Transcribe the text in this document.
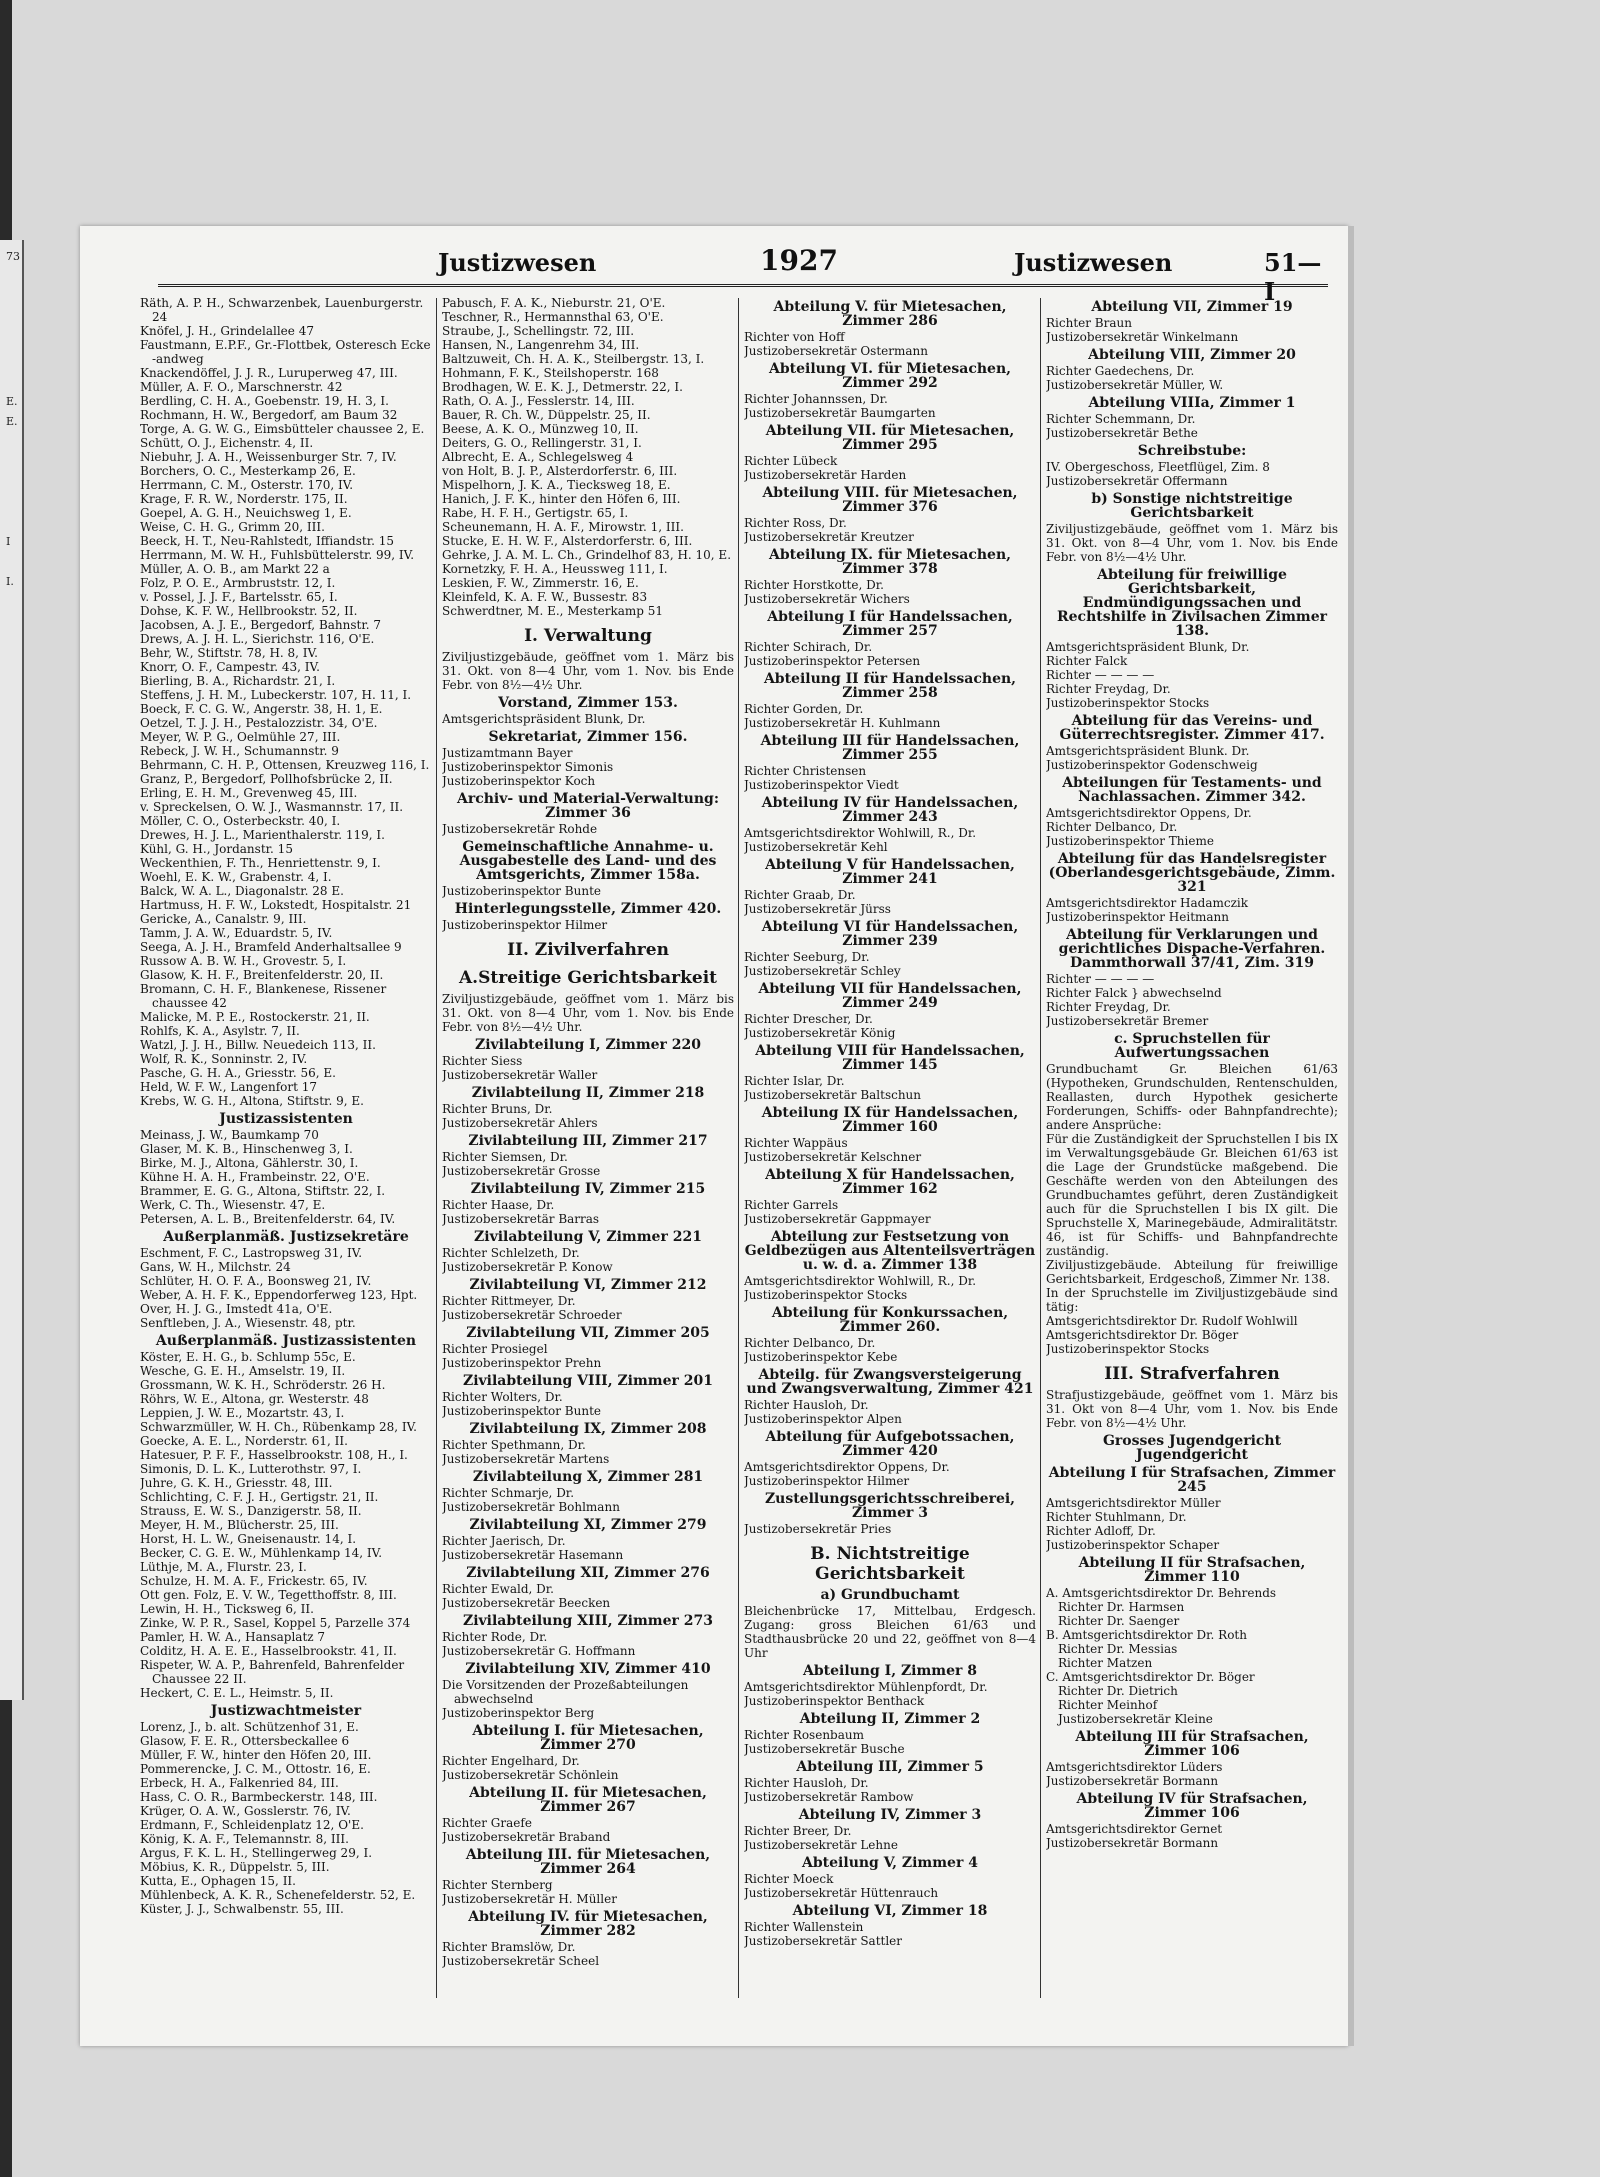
73
E.
E.
I
I.
Justizwesen	1927	Justizwesen	51—I

Räth, A. P. H., Schwarzenbek, Lauenburgerstr. 24

Knöfel, J. H., Grindelallee 47

Faustmann, E.P.F., Gr.-Flottbek, Osteresch Ecke -andweg

Knackendöffel, J. J. R., Luruperweg 47, III.

Müller, A. F. O., Marschnerstr. 42

Berdling, C. H. A., Goebenstr. 19, H. 3, I.

Rochmann, H. W., Bergedorf, am Baum 32

Torge, A. G. W. G., Eimsbütteler chaussee 2, E.

Schütt, O. J., Eichenstr. 4, II.

Niebuhr, J. A. H., Weissenburger Str. 7, IV.

Borchers, O. C., Mesterkamp 26, E.

Herrmann, C. M., Osterstr. 170, IV.

Krage, F. R. W., Norderstr. 175, II.

Goepel, A. G. H., Neuichsweg 1, E.

Weise, C. H. G., Grimm 20, III.

Beeck, H. T., Neu-Rahlstedt, Iffiandstr. 15

Herrmann, M. W. H., Fuhlsbüttelerstr. 99, IV.

Müller, A. O. B., am Markt 22 a

Folz, P. O. E., Armbruststr. 12, I.

v. Possel, J. J. F., Bartelsstr. 65, I.

Dohse, K. F. W., Hellbrookstr. 52, II.

Jacobsen, A. J. E., Bergedorf, Bahnstr. 7

Drews, A. J. H. L., Sierichstr. 116, O'E.

Behr, W., Stiftstr. 78, H. 8, IV.

Knorr, O. F., Campestr. 43, IV.

Bierling, B. A., Richardstr. 21, I.

Steffens, J. H. M., Lubeckerstr. 107, H. 11, I.

Boeck, F. C. G. W., Angerstr. 38, H. 1, E.

Oetzel, T. J. J. H., Pestalozzistr. 34, O'E.

Meyer, W. P. G., Oelmühle 27, III.

Rebeck, J. W. H., Schumannstr. 9

Behrmann, C. H. P., Ottensen, Kreuzweg 116, I.

Granz, P., Bergedorf, Pollhofsbrücke 2, II.

Erling, E. H. M., Grevenweg 45, III.

v. Spreckelsen, O. W. J., Wasmannstr. 17, II.

Möller, C. O., Osterbeckstr. 40, I.

Drewes, H. J. L., Marienthalerstr. 119, I.

Kühl, G. H., Jordanstr. 15

Weckenthien, F. Th., Henriettenstr. 9, I.

Woehl, E. K. W., Grabenstr. 4, I.

Balck, W. A. L., Diagonalstr. 28 E.

Hartmuss, H. F. W., Lokstedt, Hospitalstr. 21

Gericke, A., Canalstr. 9, III.

Tamm, J. A. W., Eduardstr. 5, IV.

Seega, A. J. H., Bramfeld Anderhaltsallee 9

Russow A. B. W. H., Grovestr. 5, I.

Glasow, K. H. F., Breitenfelderstr. 20, II.

Bromann, C. H. F., Blankenese, Rissener chaussee 42

Malicke, M. P. E., Rostockerstr. 21, II.

Rohlfs, K. A., Asylstr. 7, II.

Watzl, J. J. H., Billw. Neuedeich 113, II.

Wolf, R. K., Sonninstr. 2, IV.

Pasche, G. H. A., Griesstr. 56, E.

Held, W. F. W., Langenfort 17

Krebs, W. G. H., Altona, Stiftstr. 9, E.

Justizassistenten

Meinass, J. W., Baumkamp 70

Glaser, M. K. B., Hinschenweg 3, I.

Birke, M. J., Altona, Gählerstr. 30, I.

Kühne H. A. H., Frambeinstr. 22, O'E.

Brammer, E. G. G., Altona, Stiftstr. 22, I.

Werk, C. Th., Wiesenstr. 47, E.

Petersen, A. L. B., Breitenfelderstr. 64, IV.

Außerplanmäß. Justizsekretäre

Eschment, F. C., Lastropsweg 31, IV.

Gans, W. H., Milchstr. 24

Schlüter, H. O. F. A., Boonsweg 21, IV.

Weber, A. H. F. K., Eppendorferweg 123, Hpt.

Over, H. J. G., Imstedt 41a, O'E.

Senftleben, J. A., Wiesenstr. 48, ptr.

Außerplanmäß. Justizassistenten

Köster, E. H. G., b. Schlump 55c, E.

Wesche, G. E. H., Amselstr. 19, II.

Grossmann, W. K. H., Schröderstr. 26 H.

Röhrs, W. E., Altona, gr. Westerstr. 48

Leppien, J. W. E., Mozartstr. 43, I.

Schwarzmüller, W. H. Ch., Rübenkamp 28, IV.

Goecke, A. E. L., Norderstr. 61, II.

Hatesuer, P. F. F., Hasselbrookstr. 108, H., I.

Simonis, D. L. K., Lutterothstr. 97, I.

Juhre, G. K. H., Griesstr. 48, III.

Schlichting, C. F. J. H., Gertigstr. 21, II.

Strauss, E. W. S., Danzigerstr. 58, II.

Meyer, H. M., Blücherstr. 25, III.

Horst, H. L. W., Gneisenaustr. 14, I.

Becker, C. G. E. W., Mühlenkamp 14, IV.

Lüthje, M. A., Flurstr. 23, I.

Schulze, H. M. A. F., Frickestr. 65, IV.

Ott gen. Folz, E. V. W., Tegetthoffstr. 8, III.

Lewin, H. H., Ticksweg 6, II.

Zinke, W. P. R., Sasel, Koppel 5, Parzelle 374

Pamler, H. W. A., Hansaplatz 7

Colditz, H. A. E. E., Hasselbrookstr. 41, II.

Rispeter, W. A. P., Bahrenfeld, Bahrenfelder Chaussee 22 II.

Heckert, C. E. L., Heimstr. 5, II.

Justizwachtmeister

Lorenz, J., b. alt. Schützenhof 31, E.

Glasow, F. E. R., Ottersbeckallee 6

Müller, F. W., hinter den Höfen 20, III.

Pommerencke, J. C. M., Ottostr. 16, E.

Erbeck, H. A., Falkenried 84, III.

Hass, C. O. R., Barmbeckerstr. 148, III.

Krüger, O. A. W., Gosslerstr. 76, IV.

Erdmann, F., Schleidenplatz 12, O'E.

König, K. A. F., Telemannstr. 8, III.

Argus, F. K. L. H., Stellingerweg 29, I.

Möbius, K. R., Düppelstr. 5, III.

Kutta, E., Ophagen 15, II.

Mühlenbeck, A. K. R., Schenefelderstr. 52, E.

Küster, J. J., Schwalbenstr. 55, III.

Pabusch, F. A. K., Nieburstr. 21, O'E.

Teschner, R., Hermannsthal 63, O'E.

Straube, J., Schellingstr. 72, III.

Hansen, N., Langenrehm 34, III.

Baltzuweit, Ch. H. A. K., Steilbergstr. 13, I.

Hohmann, F. K., Steilshoperstr. 168

Brodhagen, W. E. K. J., Detmerstr. 22, I.

Rath, O. A. J., Fesslerstr. 14, III.

Bauer, R. Ch. W., Düppelstr. 25, II.

Beese, A. K. O., Münzweg 10, II.

Deiters, G. O., Rellingerstr. 31, I.

Albrecht, E. A., Schlegelsweg 4

von Holt, B. J. P., Alsterdorferstr. 6, III.

Mispelhorn, J. K. A., Tiecksweg 18, E.

Hanich, J. F. K., hinter den Höfen 6, III.

Rabe, H. F. H., Gertigstr. 65, I.

Scheunemann, H. A. F., Mirowstr. 1, III.

Stucke, E. H. W. F., Alsterdorferstr. 6, III.

Gehrke, J. A. M. L. Ch., Grindelhof 83, H. 10, E.

Kornetzky, F. H. A., Heussweg 111, I.

Leskien, F. W., Zimmerstr. 16, E.

Kleinfeld, K. A. F. W., Bussestr. 83

Schwerdtner, M. E., Mesterkamp 51

I. Verwaltung

Ziviljustizgebäude, geöffnet vom 1. März bis 31. Okt. von 8—4 Uhr, vom 1. Nov. bis Ende Febr. von 8½—4½ Uhr.

Vorstand, Zimmer 153.

Amtsgerichtspräsident Blunk, Dr.

Sekretariat, Zimmer 156.

Justizamtmann Bayer

Justizoberinspektor Simonis

Justizoberinspektor Koch

Archiv- und Material-Verwaltung: Zimmer 36

Justizobersekretär Rohde

Gemeinschaftliche Annahme- u. Ausgabestelle des Land- und des Amtsgerichts, Zimmer 158a.

Justizoberinspektor Bunte

Hinterlegungsstelle, Zimmer 420.

Justizoberinspektor Hilmer

II. Zivilverfahren

A.Streitige Gerichtsbarkeit

Ziviljustizgebäude, geöffnet vom 1. März bis 31. Okt. von 8—4 Uhr, vom 1. Nov. bis Ende Febr. von 8½—4½ Uhr.

Zivilabteilung I, Zimmer 220

Richter Siess

Justizobersekretär Waller

Zivilabteilung II, Zimmer 218

Richter Bruns, Dr.

Justizobersekretär Ahlers

Zivilabteilung III, Zimmer 217

Richter Siemsen, Dr.

Justizobersekretär Grosse

Zivilabteilung IV, Zimmer 215

Richter Haase, Dr.

Justizobersekretär Barras

Zivilabteilung V, Zimmer 221

Richter Schlelzeth, Dr.

Justizobersekretär P. Konow

Zivilabteilung VI, Zimmer 212

Richter Rittmeyer, Dr.

Justizobersekretär Schroeder

Zivilabteilung VII, Zimmer 205

Richter Prosiegel

Justizoberinspektor Prehn

Zivilabteilung VIII, Zimmer 201

Richter Wolters, Dr.

Justizoberinspektor Bunte

Zivilabteilung IX, Zimmer 208

Richter Spethmann, Dr.

Justizobersekretär Martens

Zivilabteilung X, Zimmer 281

Richter Schmarje, Dr.

Justizobersekretär Bohlmann

Zivilabteilung XI, Zimmer 279

Richter Jaerisch, Dr.

Justizobersekretär Hasemann

Zivilabteilung XII, Zimmer 276

Richter Ewald, Dr.

Justizobersekretär Beecken

Zivilabteilung XIII, Zimmer 273

Richter Rode, Dr.

Justizobersekretär G. Hoffmann

Zivilabteilung XIV, Zimmer 410

Die Vorsitzenden der Prozeßabteilungen abwechselnd

Justizoberinspektor Berg

Abteilung I. für Mietesachen, Zimmer 270

Richter Engelhard, Dr.

Justizobersekretär Schönlein

Abteilung II. für Mietesachen, Zimmer 267

Richter Graefe

Justizobersekretär Braband

Abteilung III. für Mietesachen, Zimmer 264

Richter Sternberg

Justizobersekretär H. Müller

Abteilung IV. für Mietesachen, Zimmer 282

Richter Bramslöw, Dr.

Justizobersekretär Scheel

Abteilung V. für Mietesachen, Zimmer 286

Richter von Hoff

Justizobersekretär Ostermann

Abteilung VI. für Mietesachen, Zimmer 292

Richter Johannssen, Dr.

Justizobersekretär Baumgarten

Abteilung VII. für Mietesachen, Zimmer 295

Richter Lübeck

Justizobersekretär Harden

Abteilung VIII. für Mietesachen, Zimmer 376

Richter Ross, Dr.

Justizobersekretär Kreutzer

Abteilung IX. für Mietesachen, Zimmer 378

Richter Horstkotte, Dr.

Justizobersekretär Wichers

Abteilung I für Handelssachen, Zimmer 257

Richter Schirach, Dr.

Justizoberinspektor Petersen

Abteilung II für Handelssachen, Zimmer 258

Richter Gorden, Dr.

Justizobersekretär H. Kuhlmann

Abteilung III für Handelssachen, Zimmer 255

Richter Christensen

Justizoberinspektor Viedt

Abteilung IV für Handelssachen, Zimmer 243

Amtsgerichtsdirektor Wohlwill, R., Dr.

Justizobersekretär Kehl

Abteilung V für Handelssachen, Zimmer 241

Richter Graab, Dr.

Justizobersekretär Jürss

Abteilung VI für Handelssachen, Zimmer 239

Richter Seeburg, Dr.

Justizobersekretär Schley

Abteilung VII für Handelssachen, Zimmer 249

Richter Drescher, Dr.

Justizobersekretär König

Abteilung VIII für Handelssachen, Zimmer 145

Richter Islar, Dr.

Justizobersekretär Baltschun

Abteilung IX für Handelssachen, Zimmer 160

Richter Wappäus

Justizobersekretär Kelschner

Abteilung X für Handelssachen, Zimmer 162

Richter Garrels

Justizobersekretär Gappmayer

Abteilung zur Festsetzung von Geldbezügen aus Altenteilsverträgen u. w. d. a. Zimmer 138

Amtsgerichtsdirektor Wohlwill, R., Dr.

Justizoberinspektor Stocks

Abteilung für Konkurssachen, Zimmer 260.

Richter Delbanco, Dr.

Justizoberinspektor Kebe

Abteilg. für Zwangsversteigerung und Zwangsverwaltung, Zimmer 421

Richter Hausloh, Dr.

Justizoberinspektor Alpen

Abteilung für Aufgebotssachen, Zimmer 420

Amtsgerichtsdirektor Oppens, Dr.

Justizoberinspektor Hilmer

Zustellungsgerichtsschreiberei, Zimmer 3

Justizobersekretär Pries

B. Nichtstreitige Gerichtsbarkeit

a) Grundbuchamt

Bleichenbrücke 17, Mittelbau, Erdgesch. Zugang: gross Bleichen 61/63 und Stadthausbrücke 20 und 22, geöffnet von 8—4 Uhr

Abteilung I, Zimmer 8

Amtsgerichtsdirektor Mühlenpfordt, Dr.

Justizoberinspektor Benthack

Abteilung II, Zimmer 2

Richter Rosenbaum

Justizobersekretär Busche

Abteilung III, Zimmer 5

Richter Hausloh, Dr.

Justizobersekretär Rambow

Abteilung IV, Zimmer 3

Richter Breer, Dr.

Justizobersekretär Lehne

Abteilung V, Zimmer 4

Richter Moeck

Justizobersekretär Hüttenrauch

Abteilung VI, Zimmer 18

Richter Wallenstein

Justizobersekretär Sattler

Abteilung VII, Zimmer 19

Richter Braun

Justizobersekretär Winkelmann

Abteilung VIII, Zimmer 20

Richter Gaedechens, Dr.

Justizobersekretär Müller, W.

Abteilung VIIIa, Zimmer 1

Richter Schemmann, Dr.

Justizobersekretär Bethe

Schreibstube:

IV. Obergeschoss, Fleetflügel, Zim. 8

Justizobersekretär Offermann

b) Sonstige nichtstreitige Gerichtsbarkeit

Ziviljustizgebäude, geöffnet vom 1. März bis 31. Okt. von 8—4 Uhr, vom 1. Nov. bis Ende Febr. von 8½—4½ Uhr.

Abteilung für freiwillige Gerichtsbarkeit, Endmündigungssachen und Rechtshilfe in Zivilsachen Zimmer 138.

Amtsgerichtspräsident Blunk, Dr.

Richter Falck

Richter — — — —

Richter Freydag, Dr.

Justizoberinspektor Stocks

Abteilung für das Vereins- und Güterrechtsregister. Zimmer 417.

Amtsgerichtspräsident Blunk. Dr.

Justizoberinspektor Godenschweig

Abteilungen für Testaments- und Nachlassachen. Zimmer 342.

Amtsgerichtsdirektor Oppens, Dr.

Richter Delbanco, Dr.

Justizoberinspektor Thieme

Abteilung für das Handelsregister (Oberlandesgerichtsgebäude, Zimm. 321

Amtsgerichtsdirektor Hadamczik

Justizoberinspektor Heitmann

Abteilung für Verklarungen und gerichtliches Dispache-Verfahren. Dammthorwall 37/41, Zim. 319

Richter — — — —

Richter Falck } abwechselnd

Richter Freydag, Dr.

Justizobersekretär Bremer

c. Spruchstellen für Aufwertungssachen

Grundbuchamt Gr. Bleichen 61/63 (Hypotheken, Grundschulden, Rentenschulden, Reallasten, durch Hypothek gesicherte Forderungen, Schiffs- oder Bahnpfandrechte); andere Ansprüche:

Für die Zuständigkeit der Spruchstellen I bis IX im Verwaltungsgebäude Gr. Bleichen 61/63 ist die Lage der Grundstücke maßgebend. Die Geschäfte werden von den Abteilungen des Grundbuchamtes geführt, deren Zuständigkeit auch für die Spruchstellen I bis IX gilt. Die Spruchstelle X, Marinegebäude, Admiralitätstr. 46, ist für Schiffs- und Bahnpfandrechte zuständig.

Ziviljustizgebäude. Abteilung für freiwillige Gerichtsbarkeit, Erdgeschoß, Zimmer Nr. 138.

In der Spruchstelle im Ziviljustizgebäude sind tätig:

Amtsgerichtsdirektor Dr. Rudolf Wohlwill

Amtsgerichtsdirektor Dr. Böger

Justizoberinspektor Stocks

III. Strafverfahren

Strafjustizgebäude, geöffnet vom 1. März bis 31. Okt von 8—4 Uhr, vom 1. Nov. bis Ende Febr. von 8½—4½ Uhr.

Grosses Jugendgericht Jugendgericht

Abteilung I für Strafsachen, Zimmer 245

Amtsgerichtsdirektor Müller

Richter Stuhlmann, Dr.

Richter Adloff, Dr.

Justizoberinspektor Schaper

Abteilung II für Strafsachen, Zimmer 110

A. Amtsgerichtsdirektor Dr. Behrends

Richter Dr. Harmsen

Richter Dr. Saenger

B. Amtsgerichtsdirektor Dr. Roth

Richter Dr. Messias

Richter Matzen

C. Amtsgerichtsdirektor Dr. Böger

Richter Dr. Dietrich

Richter Meinhof

Justizobersekretär Kleine

Abteilung III für Strafsachen, Zimmer 106

Amtsgerichtsdirektor Lüders

Justizobersekretär Bormann

Abteilung IV für Strafsachen, Zimmer 106

Amtsgerichtsdirektor Gernet

Justizobersekretär Bormann
